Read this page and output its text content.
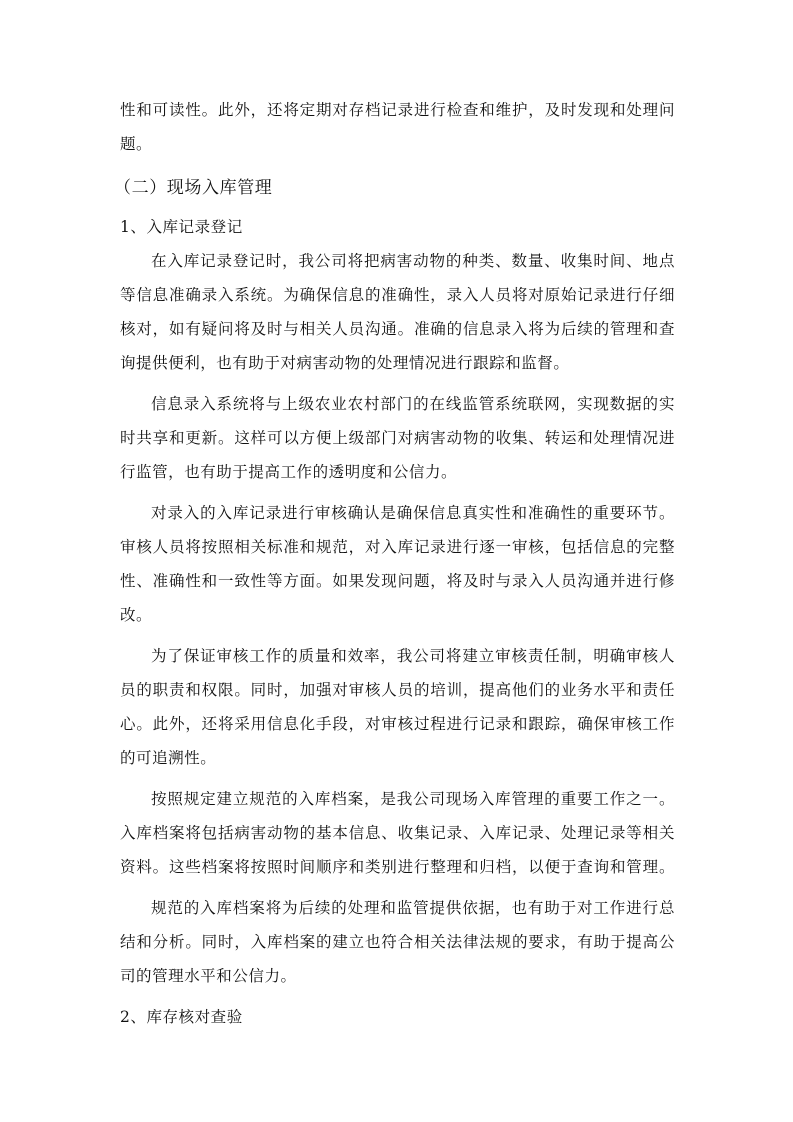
性和可读性。此外，还将定期对存档记录进行检查和维护，及时发现和处理问
题。
（二）现场入库管理
1、入库记录登记
在入库记录登记时，我公司将把病害动物的种类、数量、收集时间、地点
等信息准确录入系统。为确保信息的准确性，录入人员将对原始记录进行仔细
核对，如有疑问将及时与相关人员沟通。准确的信息录入将为后续的管理和查
询提供便利，也有助于对病害动物的处理情况进行跟踪和监督。
信息录入系统将与上级农业农村部门的在线监管系统联网，实现数据的实
时共享和更新。这样可以方便上级部门对病害动物的收集、转运和处理情况进
行监管，也有助于提高工作的透明度和公信力。
对录入的入库记录进行审核确认是确保信息真实性和准确性的重要环节。
审核人员将按照相关标准和规范，对入库记录进行逐一审核，包括信息的完整
性、准确性和一致性等方面。如果发现问题，将及时与录入人员沟通并进行修
改。
为了保证审核工作的质量和效率，我公司将建立审核责任制，明确审核人
员的职责和权限。同时，加强对审核人员的培训，提高他们的业务水平和责任
心。此外，还将采用信息化手段，对审核过程进行记录和跟踪，确保审核工作
的可追溯性。
按照规定建立规范的入库档案，是我公司现场入库管理的重要工作之一。
入库档案将包括病害动物的基本信息、收集记录、入库记录、处理记录等相关
资料。这些档案将按照时间顺序和类别进行整理和归档，以便于查询和管理。
规范的入库档案将为后续的处理和监管提供依据，也有助于对工作进行总
结和分析。同时，入库档案的建立也符合相关法律法规的要求，有助于提高公
司的管理水平和公信力。
2、库存核对查验
